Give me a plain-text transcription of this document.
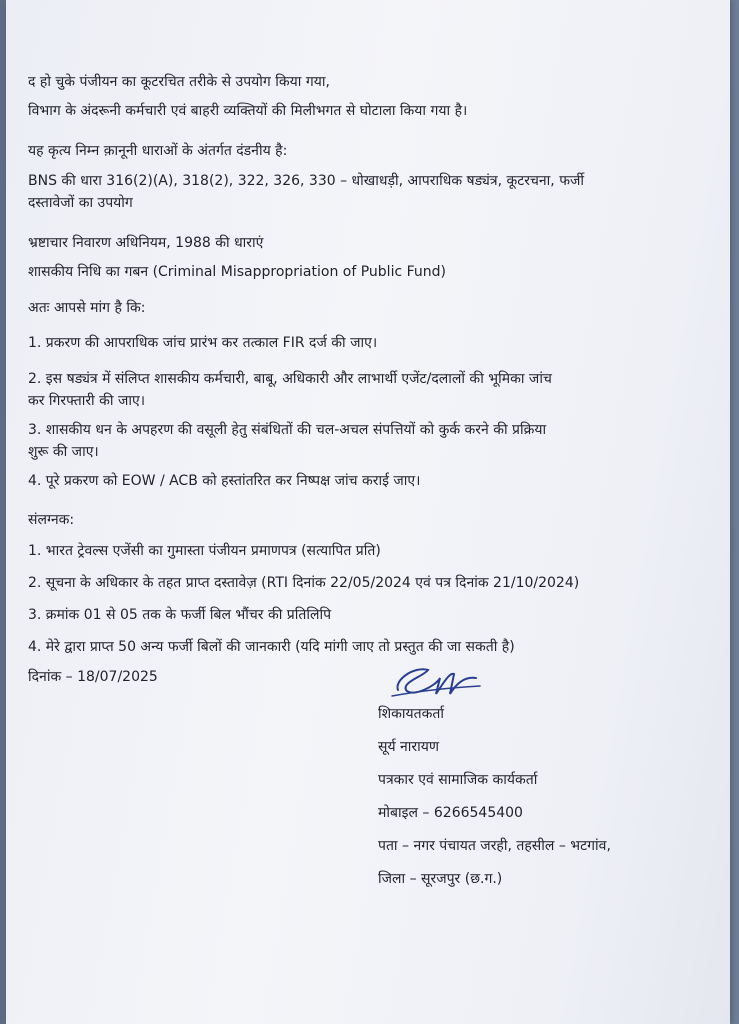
द हो चुके पंजीयन का कूटरचित तरीके से उपयोग किया गया,
विभाग के अंदरूनी कर्मचारी एवं बाहरी व्यक्तियों की मिलीभगत से घोटाला किया गया है।
यह कृत्य निम्न क़ानूनी धाराओं के अंतर्गत दंडनीय है:
BNS की धारा 316(2)(A), 318(2), 322, 326, 330 – धोखाधड़ी, आपराधिक षड्यंत्र, कूटरचना, फर्जी
दस्तावेजों का उपयोग
भ्रष्टाचार निवारण अधिनियम, 1988 की धाराएं
शासकीय निधि का गबन (Criminal Misappropriation of Public Fund)
अतः आपसे मांग है कि:
1. प्रकरण की आपराधिक जांच प्रारंभ कर तत्काल FIR दर्ज की जाए।
2. इस षड्यंत्र में संलिप्त शासकीय कर्मचारी, बाबू, अधिकारी और लाभार्थी एजेंट/दलालों की भूमिका जांच
कर गिरफ्तारी की जाए।
3. शासकीय धन के अपहरण की वसूली हेतु संबंधितों की चल-अचल संपत्तियों को कुर्क करने की प्रक्रिया
शुरू की जाए।
4. पूरे प्रकरण को EOW / ACB को हस्तांतरित कर निष्पक्ष जांच कराई जाए।
संलग्नक:
1. भारत ट्रेवल्स एजेंसी का गुमास्ता पंजीयन प्रमाणपत्र (सत्यापित प्रति)
2. सूचना के अधिकार के तहत प्राप्त दस्तावेज़ (RTI दिनांक 22/05/2024 एवं पत्र दिनांक 21/10/2024)
3. क्रमांक 01 से 05 तक के फर्जी बिल भौंचर की प्रतिलिपि
4. मेरे द्वारा प्राप्त 50 अन्य फर्जी बिलों की जानकारी (यदि मांगी जाए तो प्रस्तुत की जा सकती है)
दिनांक – 18/07/2025
शिकायतकर्ता
सूर्य नारायण
पत्रकार एवं सामाजिक कार्यकर्ता
मोबाइल – 6266545400
पता – नगर पंचायत जरही, तहसील – भटगांव,
जिला – सूरजपुर (छ.ग.)
